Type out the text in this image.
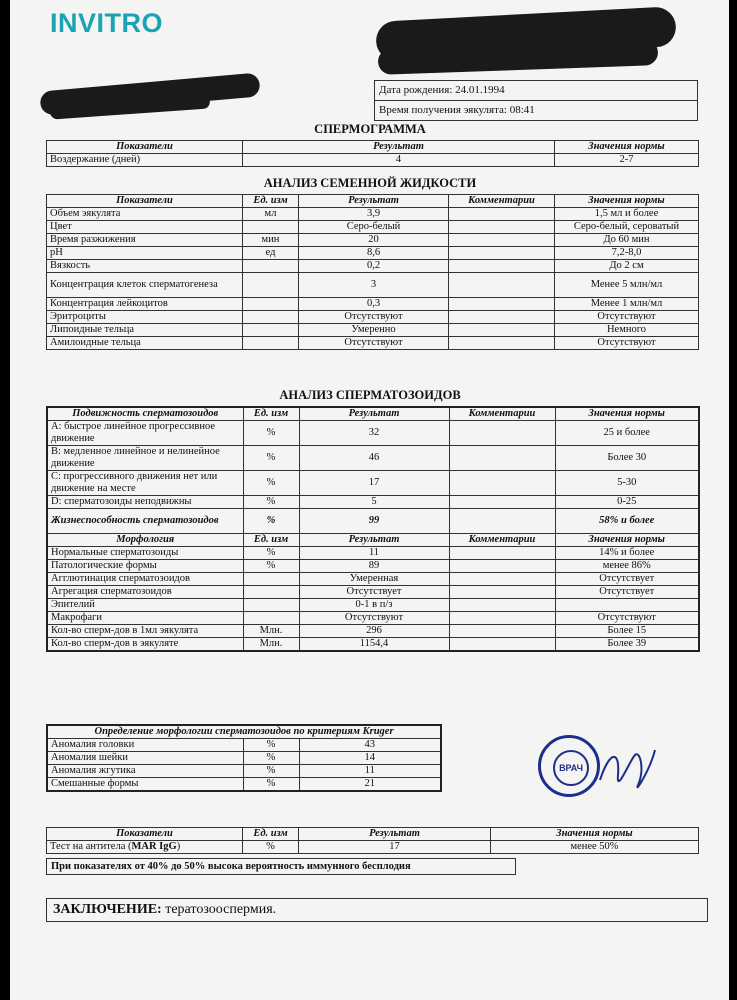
INVITRO
Дата рождения: 24.01.1994
Время получения эякулята: 08:41
СПЕРМОГРАММА
Показатели	Результат	Значения нормы
Воздержание (дней)	4	2-7
АНАЛИЗ СЕМЕННОЙ ЖИДКОСТИ
Показатели	Ед. изм	Результат	Комментарии	Значения нормы
Объем эякулята	мл	3,9		1,5 мл и более
Цвет		Серо-белый		Серо-белый, сероватый
Время разжижения	мин	20		До 60 мин
pH	ед	8,6		7,2-8,0
Вязкость		0,2		До 2 см
Концентрация клеток сперматогенеза		3		Менее 5 млн/мл
Концентрация лейкоцитов		0,3		Менее 1 млн/мл
Эритроциты		Отсутствуют		Отсутствуют
Липоидные тельца		Умеренно		Немного
Амилоидные тельца		Отсутствуют		Отсутствуют
АНАЛИЗ СПЕРМАТОЗОИДОВ
Подвижность сперматозоидов	Ед. изм	Результат	Комментарии	Значения нормы
A: быстрое линейное прогрессивное движение	%	32		25 и более
B: медленное линейное и нелинейное движение	%	46		Более 30
C: прогрессивного движения нет или движение на месте	%	17		5-30
D: сперматозоиды неподвижны	%	5		0-25
Жизнеспособность сперматозоидов	%	99		58% и более
Морфология	Ед. изм	Результат	Комментарии	Значения нормы
Нормальные сперматозоиды	%	11		14% и более
Патологические формы	%	89		менее 86%
Агглютинация сперматозоидов		Умеренная		Отсутствует
Агрегация сперматозоидов		Отсутствует		Отсутствует
Эпителий		0-1 в п/з		
Макрофаги		Отсутствуют		Отсутствуют
Кол-во сперм-дов в 1мл эякулята	Млн.	296		Более 15
Кол-во сперм-дов в эякуляте	Млн.	1154,4		Более 39
Определение морфологии сперматозоидов по критериям Kruger		
Аномалия головки	%	43
Аномалия шейки	%	14
Аномалия жгутика	%	11
Смешанные формы	%	21
ВРАЧ
Показатели	Ед. изм	Результат	Значения нормы
Тест на антитела (MAR IgG)	%	17	менее 50%
При показателях от 40% до 50% высока вероятность иммунного бесплодия
ЗАКЛЮЧЕНИЕ: тератозооспермия.
